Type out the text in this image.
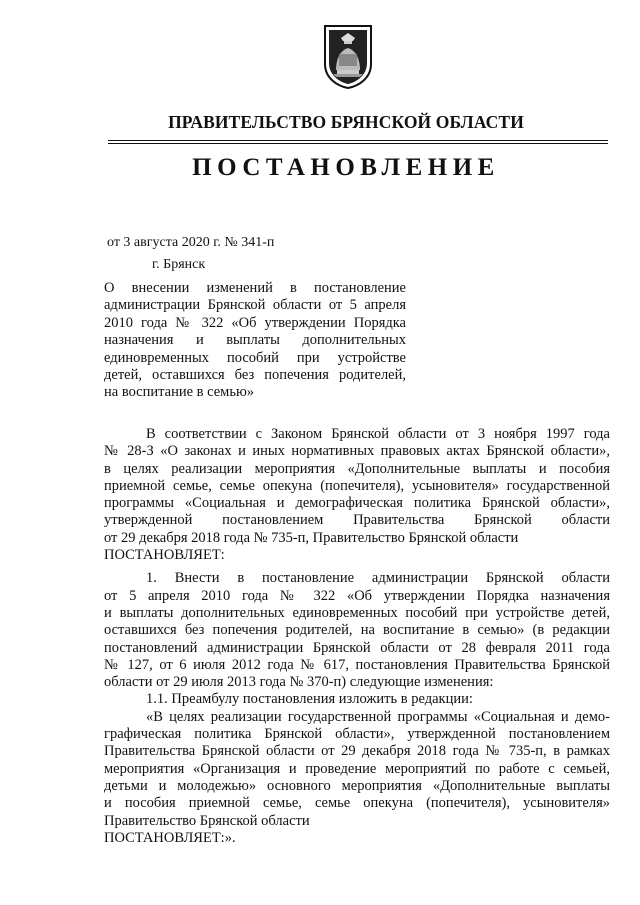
ПРАВИТЕЛЬСТВО БРЯНСКОЙ ОБЛАСТИ
ПОСТАНОВЛЕНИЕ
от 3 августа 2020 г. № 341-п
г. Брянск
О внесении изменений в постановление
администрации Брянской области от 5 апреля
2010 года № 322 «Об утверждении Порядка
назначения и выплаты дополнительных
единовременных пособий при устройстве
детей, оставшихся без попечения родителей,
на воспитание в семью»
В соответствии с Законом Брянской области от 3 ноября 1997 года
№ 28-З «О законах и иных нормативных правовых актах Брянской области»,
в целях реализации мероприятия «Дополнительные выплаты и пособия
приемной семье, семье опекуна (попечителя), усыновителя» государственной
программы «Социальная и демографическая политика Брянской области»,
утвержденной постановлением Правительства Брянской области
от 29 декабря 2018 года № 735-п, Правительство Брянской области
ПОСТАНОВЛЯЕТ:
1. Внести в постановление администрации Брянской области
от 5 апреля 2010 года № 322 «Об утверждении Порядка назначения
и выплаты дополнительных единовременных пособий при устройстве детей,
оставшихся без попечения родителей, на воспитание в семью» (в редакции
постановлений администрации Брянской области от 28 февраля 2011 года
№ 127, от 6 июля 2012 года № 617, постановления Правительства Брянской
области от 29 июля 2013 года № 370-п) следующие изменения:
1.1. Преамбулу постановления изложить в редакции:
«В целях реализации государственной программы «Социальная и демо-
графическая политика Брянской области», утвержденной постановлением
Правительства Брянской области от 29 декабря 2018 года № 735-п, в рамках
мероприятия «Организация и проведение мероприятий по работе с семьей,
детьми и молодежью» основного мероприятия «Дополнительные выплаты
и пособия приемной семье, семье опекуна (попечителя), усыновителя»
Правительство Брянской области
ПОСТАНОВЛЯЕТ:».
